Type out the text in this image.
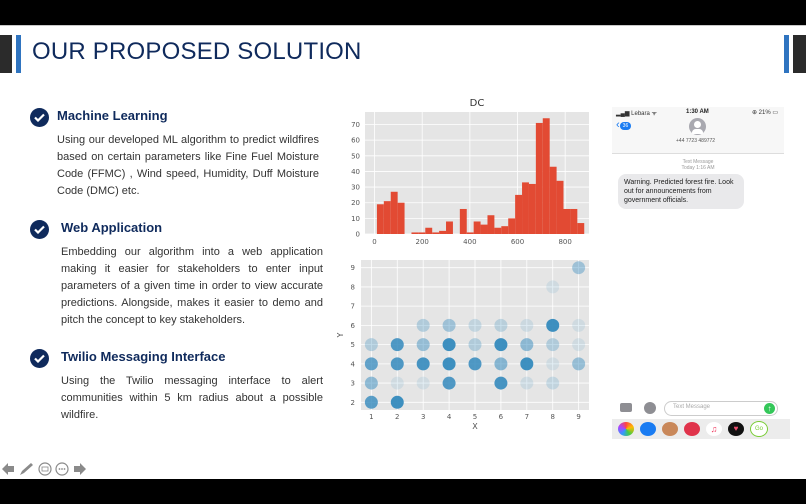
OUR PROPOSED SOLUTION
Machine Learning
Using our developed ML algorithm to predict wildfires based on certain parameters like Fine Fuel Moisture Code (FFMC) , Wind speed, Humidity, Duff Moisture Code (DMC) etc.
Web Application
Embedding our algorithm into a web application making it easier for stakeholders to enter input parameters of a given time in order to view accurate predictions. Alongside, makes it easier to demo and pitch the concept to key stakeholders.
Twilio Messaging Interface
Using the Twilio messaging interface to alert communities within 5 km radius about a possible wildfire.
DC
0	200	400	600	800
0
10
20
30
40
50
60
70
1	2	3	4	5	6	7	8	9
2
3
4
5
6
7
8
9
X
Y
▂▄▆ Lebara ᯤ	1:30 AM	⊕ 21% ▭
‹ 36
+44 7723 489772
Text Message
Today 1:16 AM
Warning. Predicted forest fire. Look out for announcements from government officials.
Text Message	↑
♫	♥	Go
